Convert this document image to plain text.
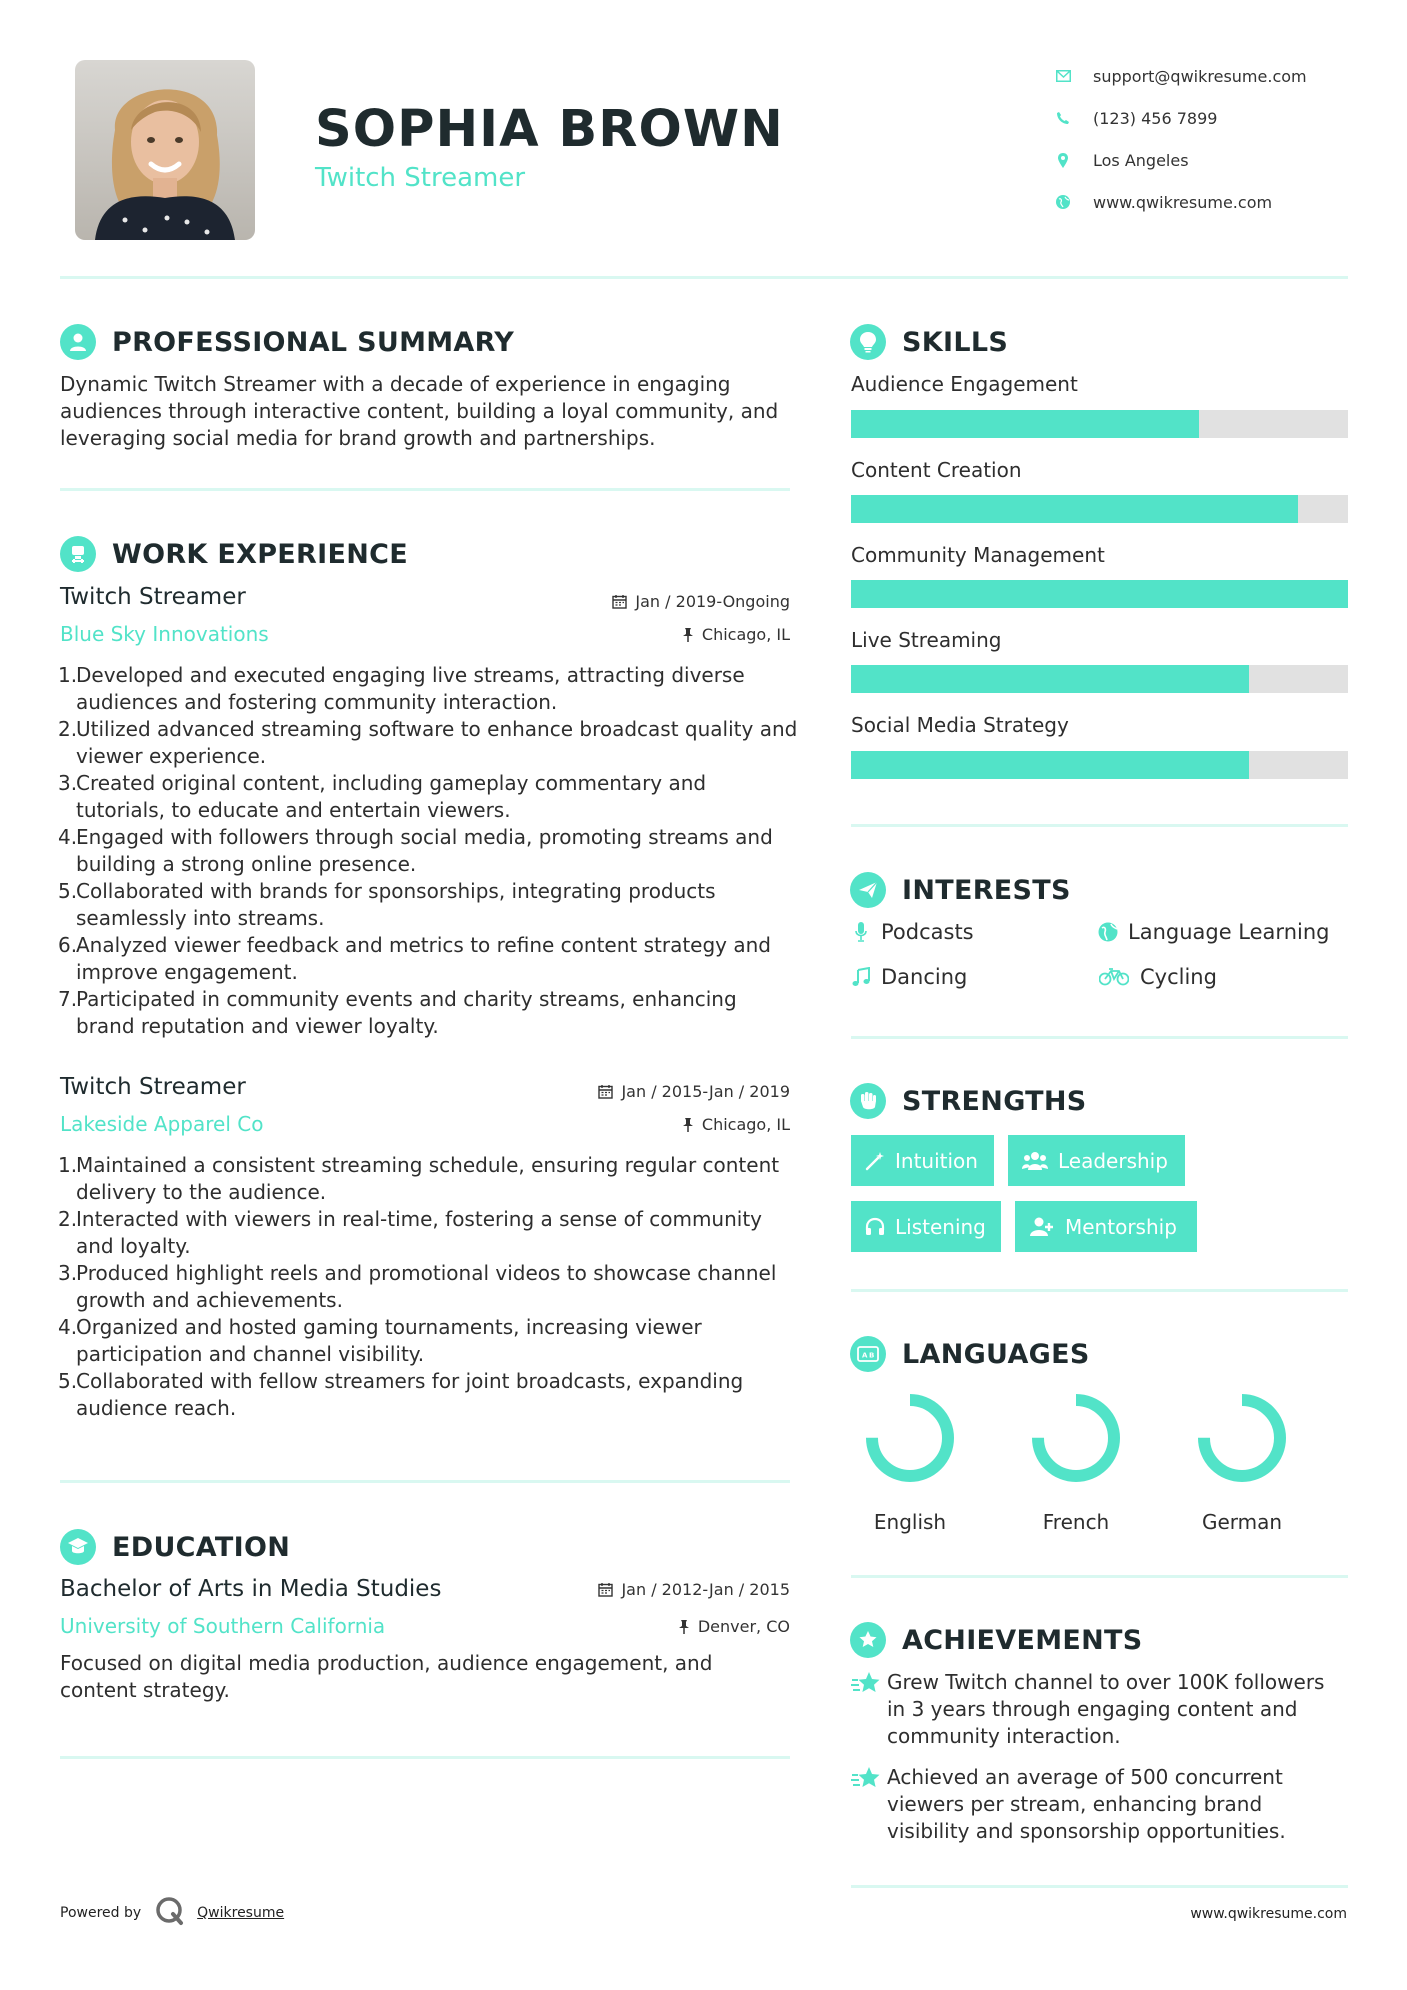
SOPHIA BROWN
Twitch Streamer
support@qwikresume.com
(123) 456 7899
Los Angeles
www.qwikresume.com
PROFESSIONAL SUMMARY
Dynamic Twitch Streamer with a decade of experience in engaging audiences through interactive content, building a loyal community, and leveraging social media for brand growth and partnerships.
WORK EXPERIENCE
Twitch Streamer	Jan / 2019-Ongoing
Blue Sky Innovations	Chicago, IL
1.
Developed and executed engaging live streams, attracting diverse audiences and fostering community interaction.
2.
Utilized advanced streaming software to enhance broadcast quality and viewer experience.
3.
Created original content, including gameplay commentary and tutorials, to educate and entertain viewers.
4.
Engaged with followers through social media, promoting streams and building a strong online presence.
5.
Collaborated with brands for sponsorships, integrating products seamlessly into streams.
6.
Analyzed viewer feedback and metrics to refine content strategy and improve engagement.
7.
Participated in community events and charity streams, enhancing brand reputation and viewer loyalty.
Twitch Streamer	Jan / 2015-Jan / 2019
Lakeside Apparel Co	Chicago, IL
1.
Maintained a consistent streaming schedule, ensuring regular content delivery to the audience.
2.
Interacted with viewers in real-time, fostering a sense of community and loyalty.
3.
Produced highlight reels and promotional videos to showcase channel growth and achievements.
4.
Organized and hosted gaming tournaments, increasing viewer participation and channel visibility.
5.
Collaborated with fellow streamers for joint broadcasts, expanding audience reach.
EDUCATION
Bachelor of Arts in Media Studies	Jan / 2012-Jan / 2015
University of Southern California	Denver, CO
Focused on digital media production, audience engagement, and content strategy.
SKILLS
Audience Engagement
Content Creation
Community Management
Live Streaming
Social Media Strategy
INTERESTS
Podcasts	Language Learning
Dancing	Cycling
STRENGTHS
Intuition	Leadership
Listening	Mentorship
A B LANGUAGES
English	French	German
ACHIEVEMENTS
Grew Twitch channel to over 100K followers in 3 years through engaging content and community interaction.
Achieved an average of 500 concurrent viewers per stream, enhancing brand visibility and sponsorship opportunities.
Powered by	Qwikresume	www.qwikresume.com
